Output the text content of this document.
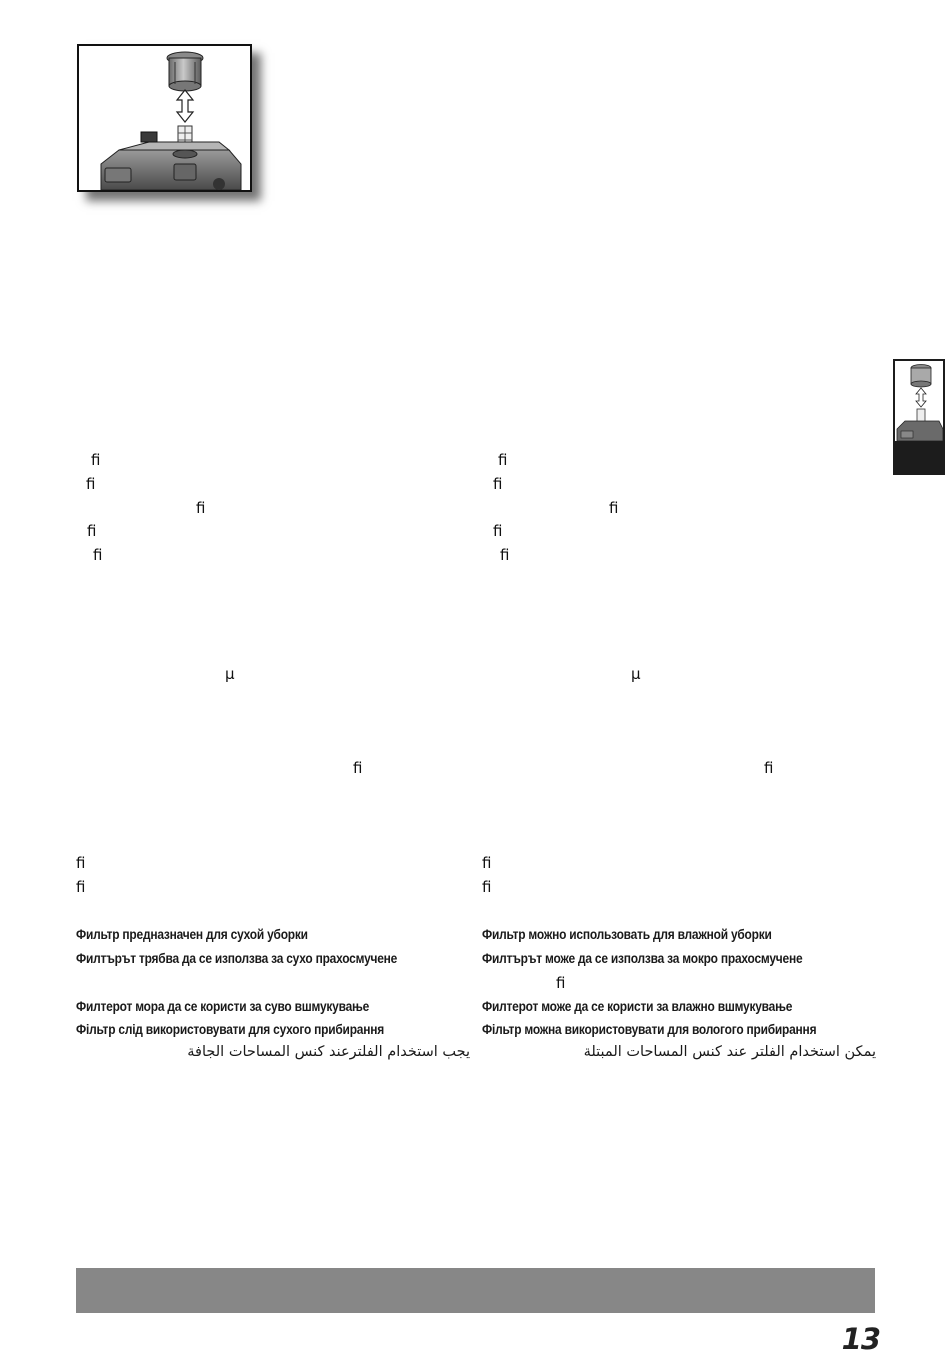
ﬁ
ﬁ
ﬁ
ﬁ
ﬁ
µ
ﬁ
ﬁ
ﬁ
ﬁ
ﬁ
ﬁ
ﬁ
ﬁ
µ
ﬁ
ﬁ
ﬁ
ﬁ
Фильтр предназначен для сухой уборки
Филтърът трябва да се използва за сухо прахосмучене
Филтерот мора да се користи за суво вшмукување
Фільтр слід використовувати для сухого прибирання
يجب استخدام الفلترعند كنس المساحات الجافة
Фильтр можно использовать для влажной уборки
Филтърът може да се използва за мокро прахосмучене
Филтерот може да се користи за влажно вшмукување
Фільтр можна використовувати для вологого прибирання
يمكن استخدام الفلتر عند كنس المساحات المبتلة
13
